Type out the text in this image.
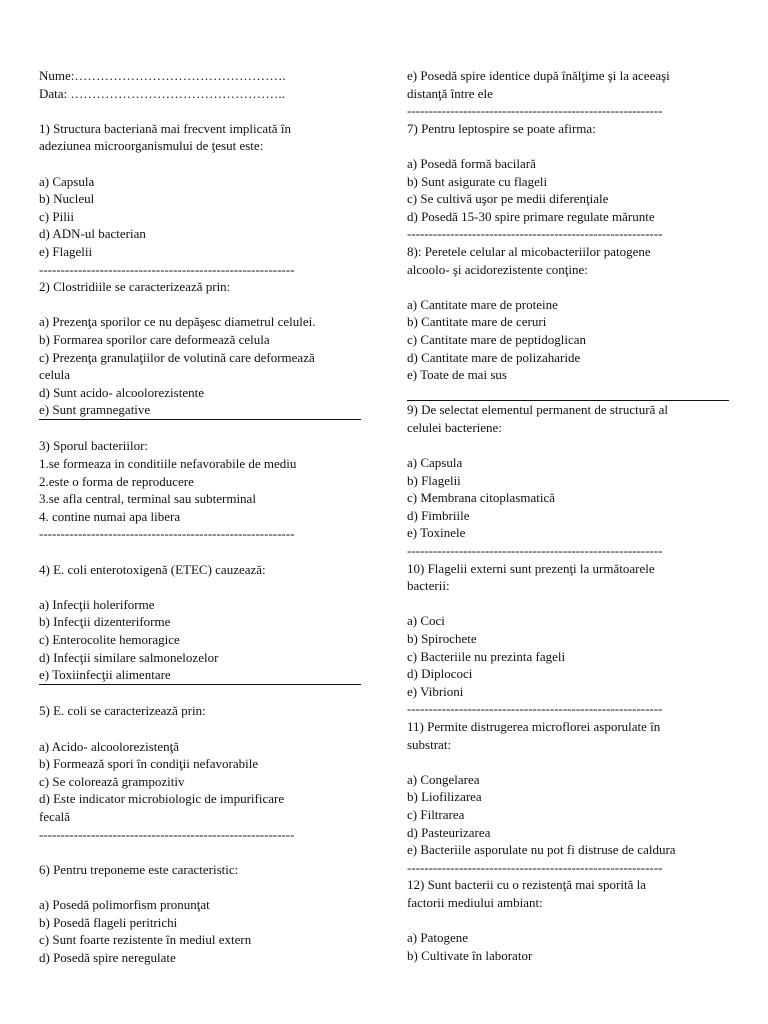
Nume:………………………………………….
Data: …………………………………………..
1) Structura bacteriană mai frecvent implicată în
adeziunea microorganismului de ţesut este:
a) Capsula
b) Nucleul
c) Pilii
d) ADN-ul bacterian
e) Flagelii
-----------------------------------------------------------
2) Clostridiile se caracterizează prin:
a) Prezenţa sporilor ce nu depăşesc diametrul celulei.
b) Formarea sporilor care deformează celula
c) Prezenţa granulaţiilor de volutină care deformează
celula
d) Sunt acido- alcoolorezistente
e) Sunt gramnegative
3) Sporul bacteriilor:
1.se formeaza in conditiile nefavorabile de mediu
2.este o forma de reproducere
3.se afla central, terminal sau subterminal
4. contine numai apa libera
-----------------------------------------------------------
4) E. coli enterotoxigenă (ETEC) cauzează:
a) Infecţii holeriforme
b) Infecţii dizenteriforme
c) Enterocolite hemoragice
d) Infecţii similare salmonelozelor
e) Toxiinfecţii alimentare
5) E. coli se caracterizează prin:
a) Acido- alcoolorezistenţă
b) Formează spori în condiţii nefavorabile
c) Se colorează grampozitiv
d) Este indicator microbiologic de impurificare
fecală
-----------------------------------------------------------
6) Pentru treponeme este caracteristic:
a) Posedă polimorfism pronunţat
b) Posedă flageli peritrichi
c) Sunt foarte rezistente în mediul extern
d) Posedă spire neregulate
e) Posedă spire identice după înălţime şi la aceeaşi
distanţă între ele
-----------------------------------------------------------
7) Pentru leptospire se poate afirma:
a) Posedă formă bacilară
b) Sunt asigurate cu flageli
c) Se cultivă uşor pe medii diferenţiale
d) Posedă 15-30 spire primare regulate mărunte
-----------------------------------------------------------
8): Peretele celular al micobacteriilor patogene
alcoolo- şi acidorezistente conţine:
a) Cantitate mare de proteine
b) Cantitate mare de ceruri
c) Cantitate mare de peptidoglican
d) Cantitate mare de polizaharide
e) Toate de mai sus
9) De selectat elementul permanent de structură al
celulei bacteriene:
a) Capsula
b) Flagelii
c) Membrana citoplasmatică
d) Fimbriile
e) Toxinele
-----------------------------------------------------------
10) Flagelii externi sunt prezenţi la următoarele
bacterii:
a) Coci
b) Spirochete
c) Bacteriile nu prezinta fageli
d) Diplococi
e) Vibrioni
-----------------------------------------------------------
11) Permite distrugerea microflorei asporulate în
substrat:
a) Congelarea
b) Liofilizarea
c) Filtrarea
d) Pasteurizarea
e) Bacteriile asporulate nu pot fi distruse de caldura
-----------------------------------------------------------
12) Sunt bacterii cu o rezistenţă mai sporită la
factorii mediului ambiant:
a) Patogene
b) Cultivate în laborator
